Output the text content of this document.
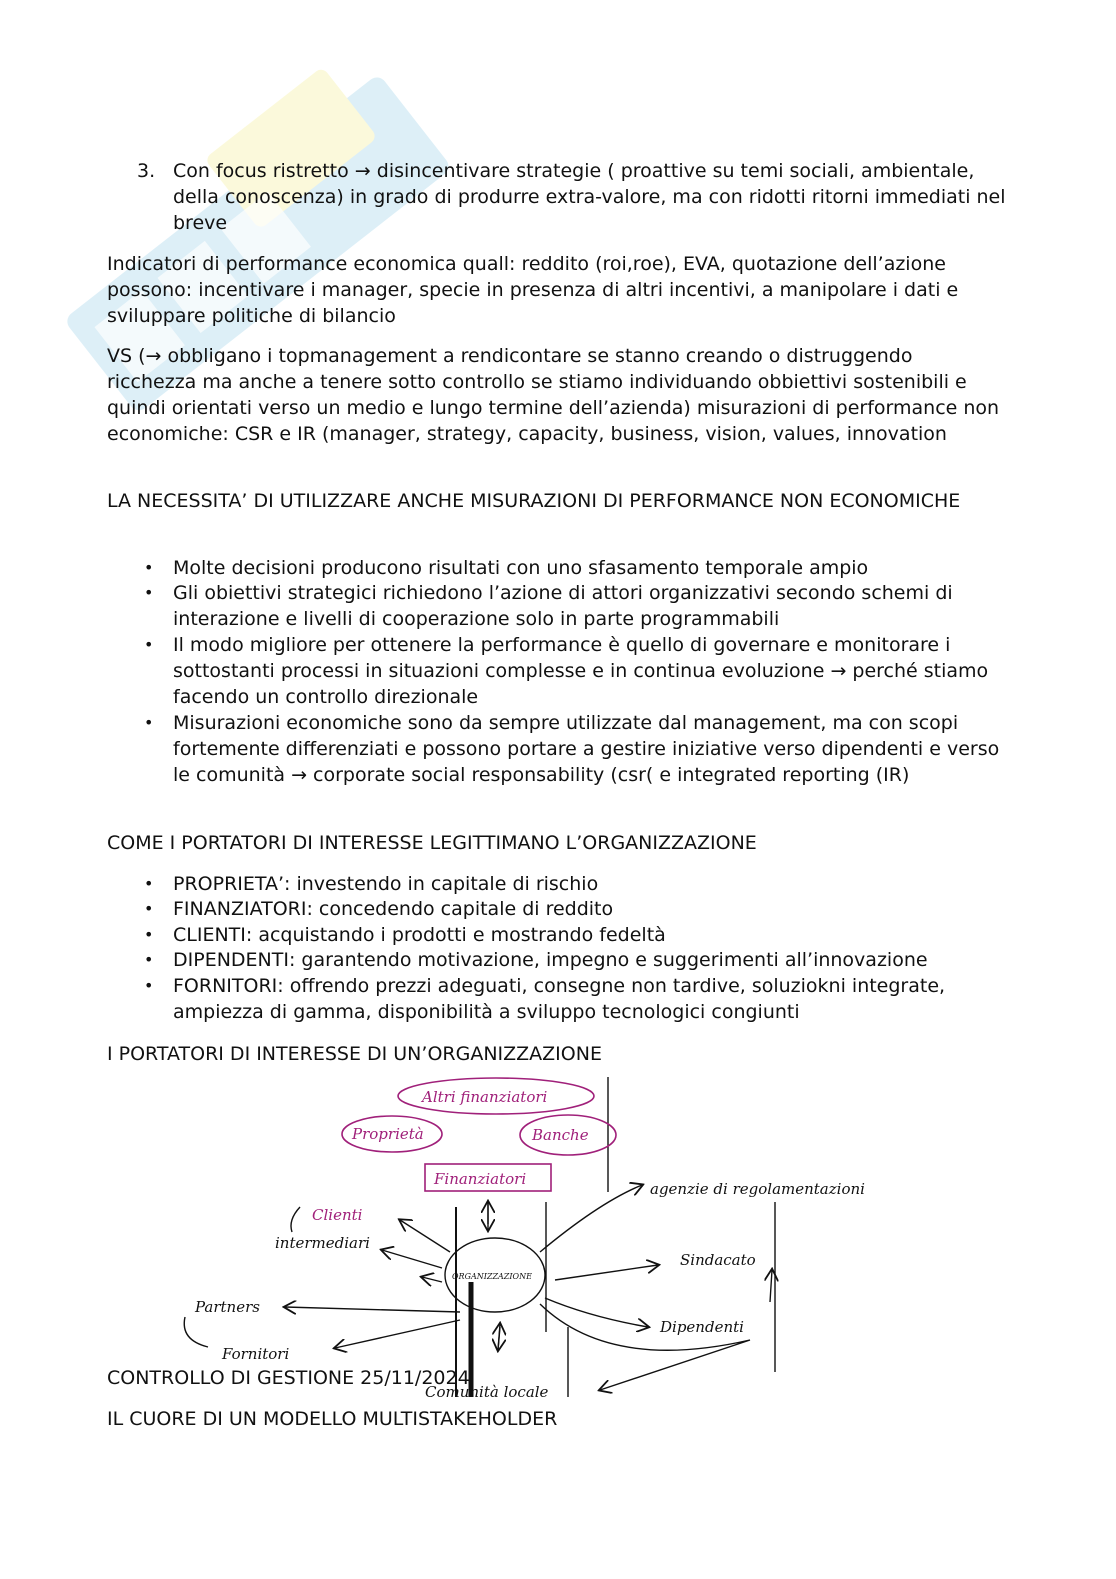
3. Con focus ristretto → disincentivare strategie ( proattive su temi sociali, ambientale, della conoscenza) in grado di produrre extra-valore, ma con ridotti ritorni immediati nel breve

Indicatori di performance economica quall: reddito (roi,roe), EVA, quotazione dell’azione possono: incentivare i manager, specie in presenza di altri incentivi, a manipolare i dati e sviluppare politiche di bilancio

VS (→ obbligano i topmanagement a rendicontare se stanno creando o distruggendo ricchezza ma anche a tenere sotto controllo se stiamo individuando obbiettivi sostenibili e quindi orientati verso un medio e lungo termine dell’azienda) misurazioni di performance non economiche: CSR e IR (manager, strategy, capacity, business, vision, values, innovation

LA NECESSITA’ DI UTILIZZARE ANCHE MISURAZIONI DI PERFORMANCE NON ECONOMICHE

•	Molte decisioni producono risultati con uno sfasamento temporale ampio
•	Gli obiettivi strategici richiedono l’azione di attori organizzativi secondo schemi di interazione e livelli di cooperazione solo in parte programmabili
•	Il modo migliore per ottenere la performance è quello di governare e monitorare i sottostanti processi in situazioni complesse e in continua evoluzione → perché stiamo facendo un controllo direzionale
•	Misurazioni economiche sono da sempre utilizzate dal management, ma con scopi fortemente differenziati e possono portare a gestire iniziative verso dipendenti e verso le comunità → corporate social responsability (csr( e integrated reporting (IR)

COME I PORTATORI DI INTERESSE LEGITTIMANO L’ORGANIZZAZIONE

•	PROPRIETA’: investendo in capitale di rischio
•	FINANZIATORI: concedendo capitale di reddito
•	CLIENTI: acquistando i prodotti e mostrando fedeltà
•	DIPENDENTI: garantendo motivazione, impegno e suggerimenti all’innovazione
•	FORNITORI: offrendo prezzi adeguati, consegne non tardive, soluziokni integrate, ampiezza di gamma, disponibilità a sviluppo tecnologici congiunti

I PORTATORI DI INTERESSE DI UN’ORGANIZZAZIONE

Altri finanziatori
Proprietà	Banche
Finanziatori
Clienti
agenzie di regolamentazioni
intermediari
ORGANIZZAZIONE
Sindacato
Partners
Fornitori
Dipendenti
Comunità locale

CONTROLLO DI GESTIONE 25/11/2024

IL CUORE DI UN MODELLO MULTISTAKEHOLDER
